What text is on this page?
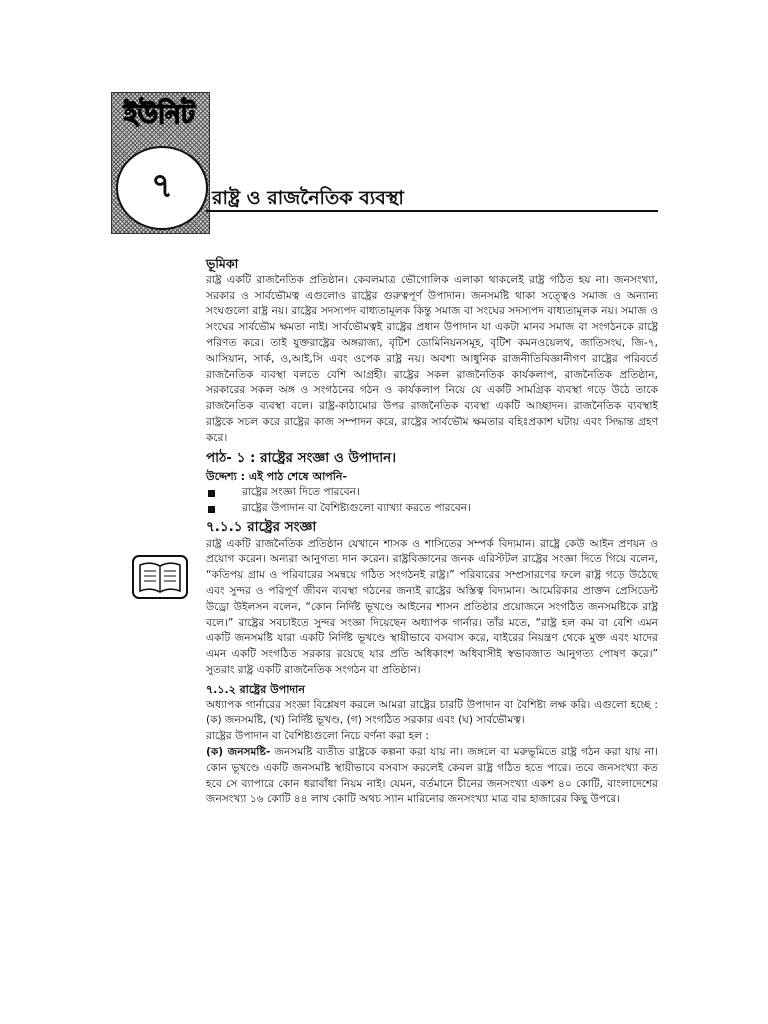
ইউনিট
৭	রাষ্ট্র ও রাজনৈতিক ব্যবস্থা
ভূমিকা

রাষ্ট্র একটি রাজনৈতিক প্রতিষ্ঠান। কেবলমাত্র ভৌগোলিক এলাকা থাকলেই রাষ্ট্র গঠিত হয় না। জনসংখ্যা, সরকার ও সার্বভৌমত্ব এগুলোও রাষ্ট্রের গুরুত্বপূর্ণ উপাদান। জনসমষ্টি থাকা সত্ত্বেও সমাজ ও অন্যান্য সংঘগুলো রাষ্ট্র নয়। রাষ্ট্রের সদস্যপদ বাধ্যতামূলক কিন্তু সমাজ বা সংঘের সদস্যপদ বাধ্যতামূলক নয়। সমাজ ও সংঘের সার্বভৌম ক্ষমতা নাই। সার্বভৌমত্বই রাষ্ট্রের প্রধান উপাদান যা একটা মানব সমাজ বা সংগঠনকে রাষ্ট্রে পরিণত করে। তাই যুক্তরাষ্ট্রের অঙ্গরাজ্য, বৃটিশ ডোমিনিয়নসমূহ, বৃটিশ কমনওয়েলথ, জাতিসংঘ, জি-৭, আসিয়ান, সার্ক, ও,আই,সি এবং ওপেক রাষ্ট্র নয়। অবশ্য আধুনিক রাজনীতিবিজ্ঞানীগণ রাষ্ট্রের পরিবর্তে রাজনৈতিক ব্যবস্থা বলতে বেশি আগ্রহী। রাষ্ট্রের সকল রাজনৈতিক কার্যকলাপ, রাজনৈতিক প্রতিষ্ঠান, সরকারের সকল অঙ্গ ও সংগঠনের গঠন ও কার্যকলাপ নিয়ে যে একটি সামগ্রিক ব্যবস্থা গড়ে উঠে তাকে রাজনৈতিক ব্যবস্থা বলে। রাষ্ট্র-কাঠামোর উপর রাজনৈতিক ব্যবস্থা একটি আচ্ছাদন। রাজনৈতিক ব্যবস্থাই রাষ্ট্রকে সচল করে রাষ্ট্রের কাজ সম্পাদন করে, রাষ্ট্রের সার্বভৌম ক্ষমতার বহিঃপ্রকাশ ঘটায় এবং সিদ্ধান্ত গ্রহণ করে।

পাঠ- ১ : রাষ্ট্রের সংজ্ঞা ও উপাদান।
উদ্দেশ্য : এই পাঠ শেষে আপনি-
রাষ্ট্রের সংজ্ঞা দিতে পারবেন।
রাষ্ট্রের উপাদান বা বৈশিষ্ট্যগুলো ব্যাখ্যা করতে পারবেন।
৭.১.১ রাষ্ট্রের সংজ্ঞা

রাষ্ট্র একটি রাজনৈতিক প্রতিষ্ঠান যেখানে শাসক ও শাসিতের সম্পর্ক বিদ্যমান। রাষ্ট্রে কেউ আইন প্রণয়ন ও প্রয়োগ করেন। অন্যরা আনুগত্য দান করেন। রাষ্ট্রবিজ্ঞানের জনক এরিস্টটল রাষ্ট্রের সংজ্ঞা দিতে গিয়ে বলেন, “কতিপয় গ্রাম ও পরিবারের সমন্বয়ে গঠিত সংগঠনই রাষ্ট্র।” পরিবারের সম্প্রসারণের ফলে রাষ্ট্র গড়ে উঠেছে এবং সুন্দর ও পরিপূর্ণ জীবন ব্যবস্থা গঠনের জন্যই রাষ্ট্রের অস্তিত্ব বিদ্যমান। আমেরিকার প্রাক্তন প্রেসিডেন্ট উড্রো উইলসন বলেন, “কোন নির্দিষ্ট ভূখণ্ডে আইনের শাসন প্রতিষ্ঠার প্রয়োজনে সংগঠিত জনসমষ্টিকে রাষ্ট্র বলে।” রাষ্ট্রের সবচাইতে সুন্দর সংজ্ঞা দিয়েছেন অধ্যাপক গার্নার। তাঁর মতে, “রাষ্ট্র হল কম বা বেশি এমন একটি জনসমষ্টি যারা একটি নির্দিষ্ট ভূখণ্ডে স্থায়ীভাবে বসবাস করে, বাইরের নিয়ন্ত্রণ থেকে মুক্ত এবং যাদের এমন একটি সংগঠিত সরকার রয়েছে যার প্রতি অধিকাংশ অধিবাসীই স্বভাবজাত আনুগত্য পোষণ করে।” সুতরাং রাষ্ট্র একটি রাজনৈতিক সংগঠন বা প্রতিষ্ঠান।

৭.১.২ রাষ্ট্রের উপাদান

অধ্যাপক গার্নারের সংজ্ঞা বিশ্লেষণ করলে আমরা রাষ্ট্রের চারটি উপাদান বা বৈশিষ্ট্য লক্ষ করি। এগুলো হচ্ছে : (ক) জনসমষ্টি, (খ) নির্দিষ্ট ভূখণ্ড, (গ) সংগঠিত সরকার এবং (ঘ) সার্বভৌমত্ব।

রাষ্ট্রের উপাদান বা বৈশিষ্ট্যগুলো নিচে বর্ণনা করা হল :

(ক) জনসমষ্টি- জনসমষ্টি ব্যতীত রাষ্ট্রকে কল্পনা করা যায় না। জঙ্গলে বা মরুভূমিতে রাষ্ট্র গঠন করা যায় না। কোন ভূখণ্ডে একটি জনসমষ্টি স্থায়ীভাবে বসবাস করলেই কেবল রাষ্ট্র গঠিত হতে পারে। তবে জনসংখ্যা কত হবে সে ব্যাপারে কোন ধরাবাঁধা নিয়ম নাই। যেমন, বর্তমানে চীনের জনসংখ্যা একশ ৪০ কোটি, বাংলাদেশের জনসংখ্যা ১৬ কোটি ৪৪ লাখ কোটি অথচ স্যান মারিনোর জনসংখ্যা মাত্র বার হাজারের কিছু উপরে।
